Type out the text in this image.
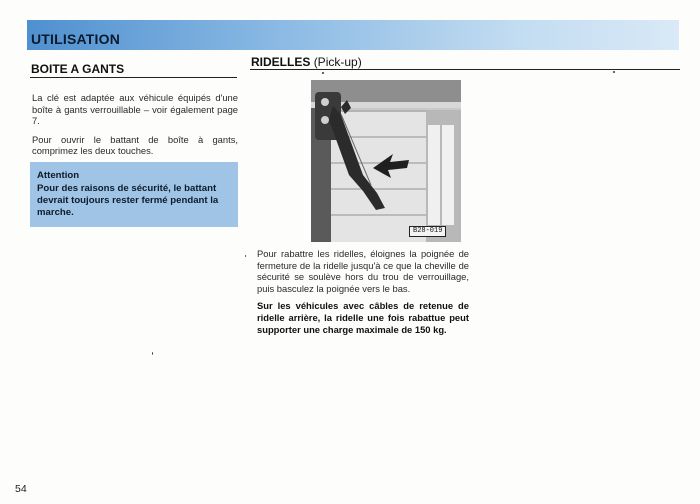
UTILISATION
BOITE A GANTS

La clé est adaptée aux véhicule équipés d'une boîte à gants verrouillable – voir également page 7.

Pour ouvrir le battant de boîte à gants, comprimez les deux touches.

Attention
Pour des raisons de sécurité, le battant devrait toujours rester fermé pendant la marche.
RIDELLES (Pick-up)
B28-019

Pour rabattre les ridelles, éloignes la poignée de fermeture de la ridelle jusqu'à ce que la cheville de sécurité se soulève hors du trou de verrouillage, puis basculez la poignée vers le bas.

Sur les véhicules avec câbles de retenue de ridelle arrière, la ridelle une fois rabattue peut supporter une charge maximale de 150 kg.

54
